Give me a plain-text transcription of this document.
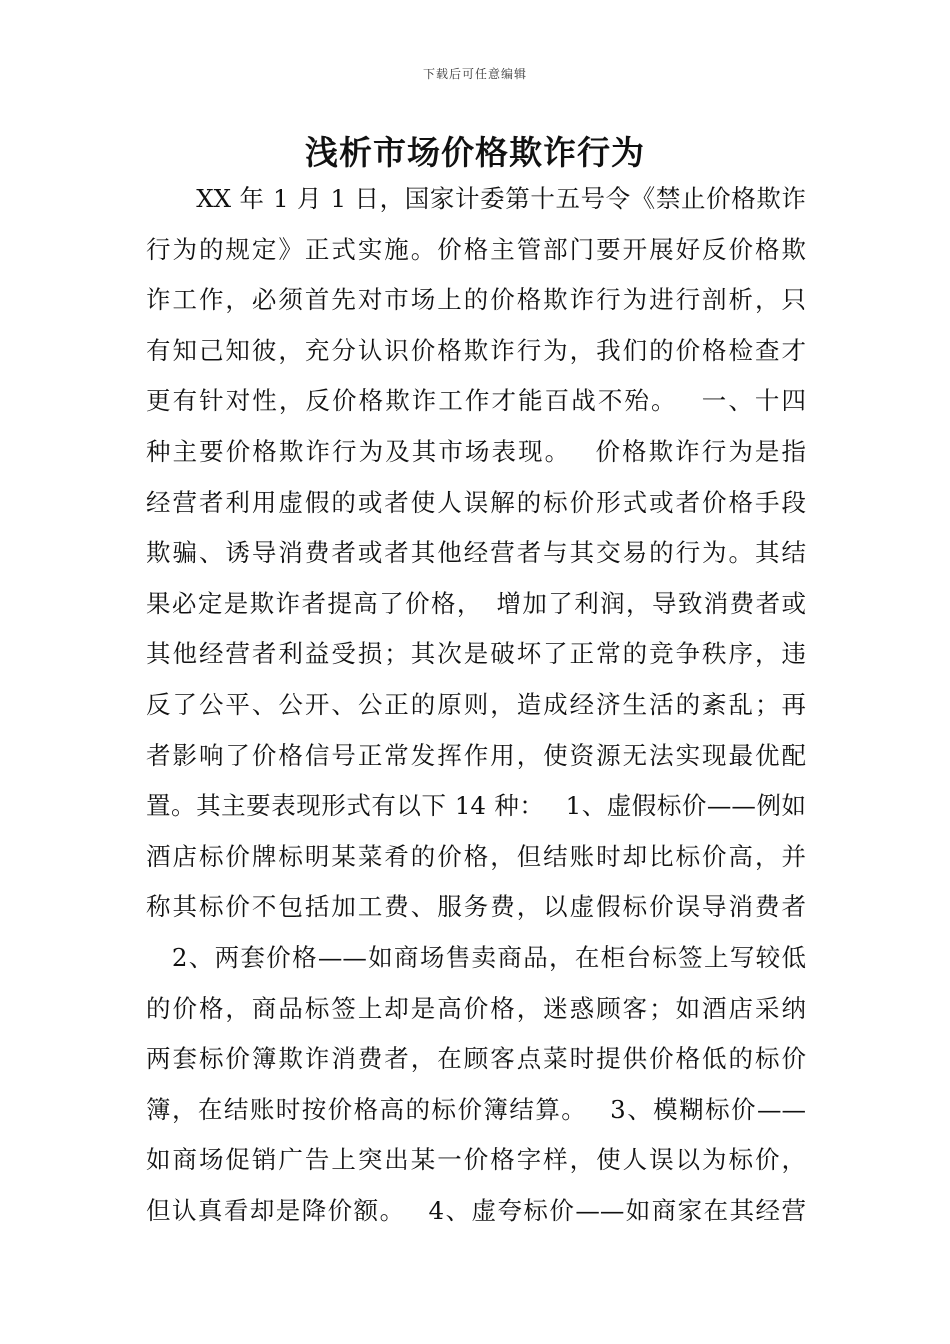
下载后可任意编辑
浅析市场价格欺诈行为
　　XX 年 1 月 1 日，国家计委第十五号令《禁止价格欺诈
行为的规定》正式实施。价格主管部门要开展好反价格欺
诈工作，必须首先对市场上的价格欺诈行为进行剖析，只
有知己知彼，充分认识价格欺诈行为，我们的价格检查才
更有针对性，反价格欺诈工作才能百战不殆。　 一、十四
种主要价格欺诈行为及其市场表现。　 价格欺诈行为是指
经营者利用虚假的或者使人误解的标价形式或者价格手段
欺骗、诱导消费者或者其他经营者与其交易的行为。其结
果必定是欺诈者提高了价格，　增加了利润，导致消费者或
其他经营者利益受损；其次是破坏了正常的竞争秩序，违
反了公平、公开、公正的原则，造成经济生活的紊乱；再
者影响了价格信号正常发挥作用，使资源无法实现最优配
置。其主要表现形式有以下 14 种：　 1、虚假标价——例如
酒店标价牌标明某菜肴的价格，但结账时却比标价高，并
称其标价不包括加工费、服务费，以虚假标价误导消费者
　2、两套价格——如商场售卖商品，在柜台标签上写较低
的价格，商品标签上却是高价格，迷惑顾客；如酒店采纳
两套标价簿欺诈消费者，在顾客点菜时提供价格低的标价
簿，在结账时按价格高的标价簿结算。　 3、模糊标价——
如商场促销广告上突出某一价格字样，使人误以为标价，
但认真看却是降价额。　 4、虚夸标价——如商家在其经营
